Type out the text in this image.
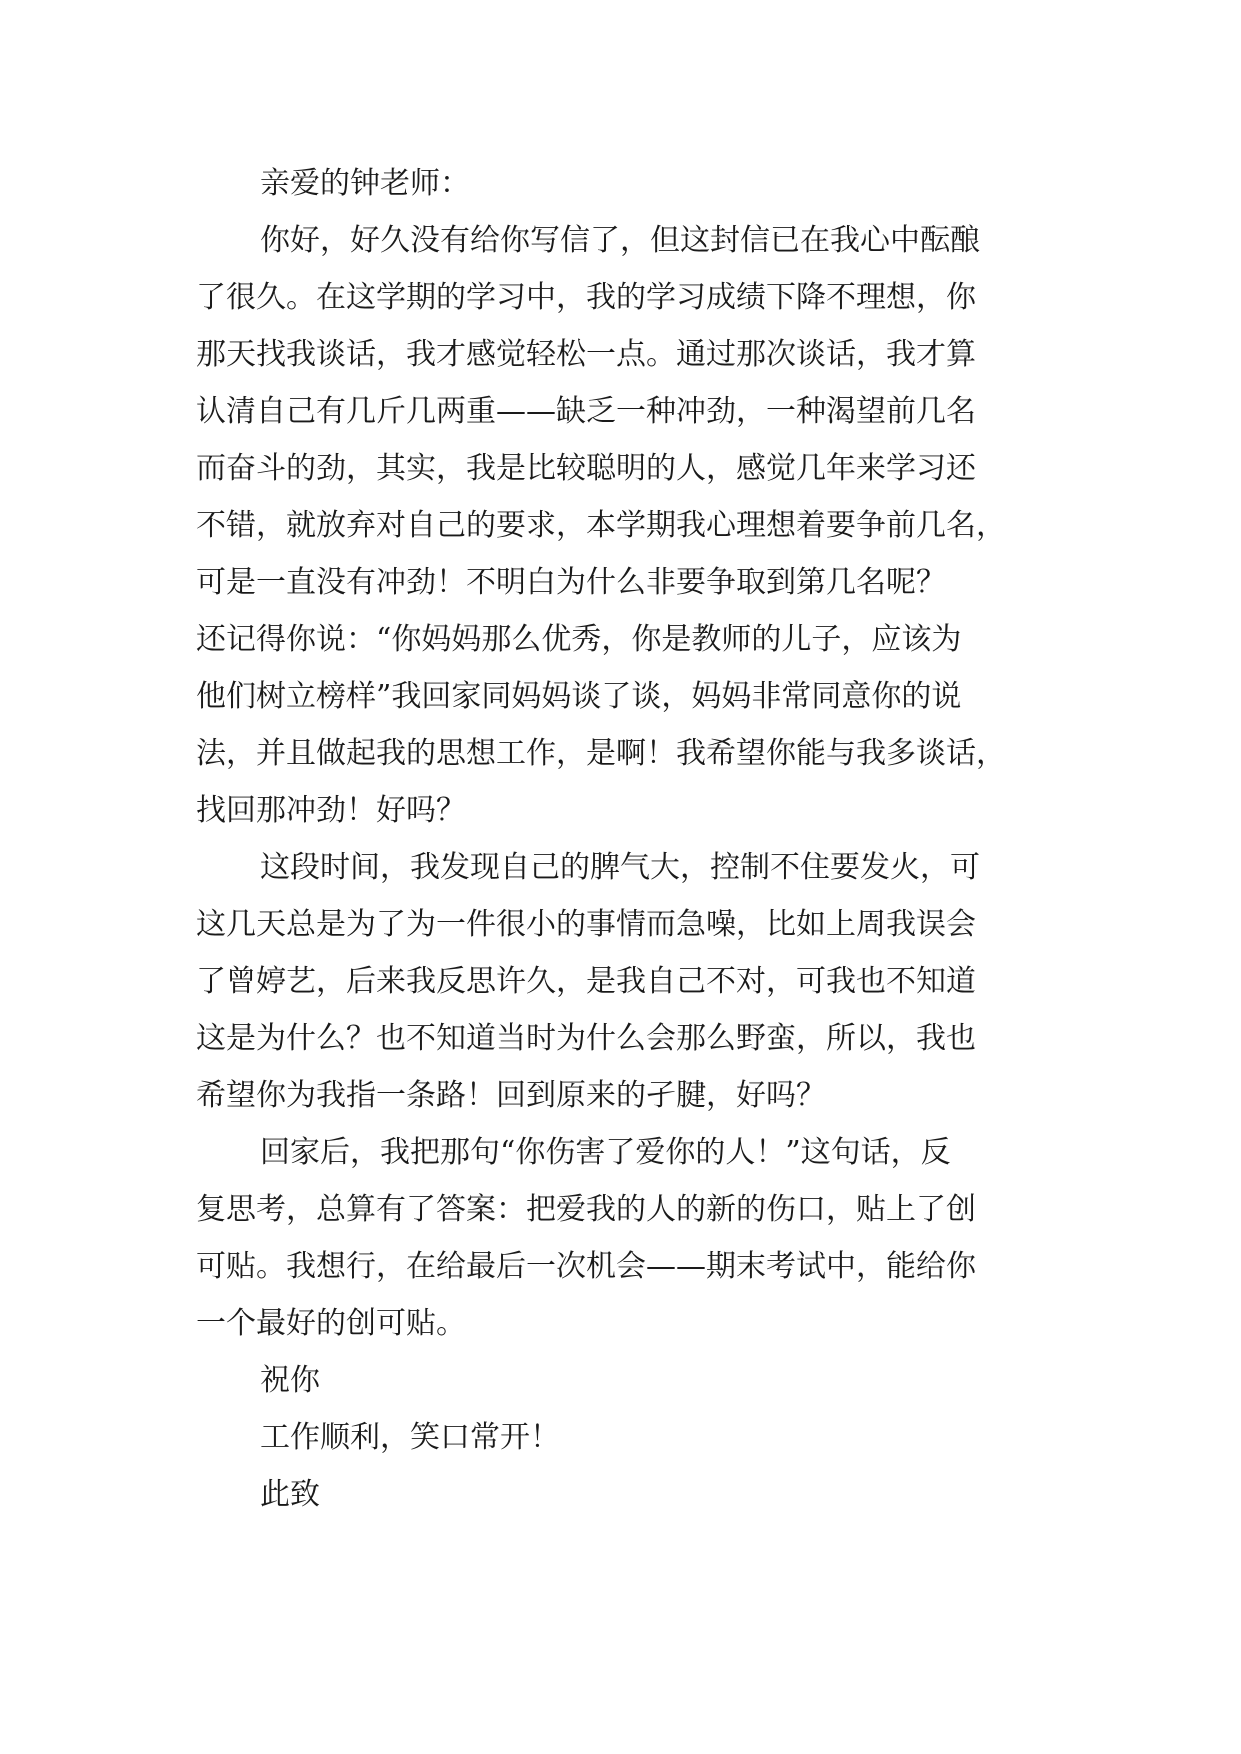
亲爱的钟老师：

你好，好久没有给你写信了，但这封信已在我心中酝酿
了很久。在这学期的学习中，我的学习成绩下降不理想，你
那天找我谈话，我才感觉轻松一点。通过那次谈话，我才算
认清自己有几斤几两重——缺乏一种冲劲，一种渴望前几名
而奋斗的劲，其实，我是比较聪明的人，感觉几年来学习还
不错，就放弃对自己的要求，本学期我心理想着要争前几名，
可是一直没有冲劲！不明白为什么非要争取到第几名呢？
还记得你说：“你妈妈那么优秀，你是教师的儿子，应该为
他们树立榜样”我回家同妈妈谈了谈，妈妈非常同意你的说
法，并且做起我的思想工作，是啊！我希望你能与我多谈话，
找回那冲劲！好吗？
这段时间，我发现自己的脾气大，控制不住要发火，可
这几天总是为了为一件很小的事情而急噪，比如上周我误会
了曾婷艺，后来我反思许久，是我自己不对，可我也不知道
这是为什么？也不知道当时为什么会那么野蛮，所以，我也
希望你为我指一条路！回到原来的孑腱，好吗？
回家后，我把那句“你伤害了爱你的人！”这句话，反
复思考，总算有了答案：把爱我的人的新的伤口，贴上了创
可贴。我想行，在给最后一次机会——期末考试中，能给你
一个最好的创可贴。
祝你
工作顺利，笑口常开！
此致
